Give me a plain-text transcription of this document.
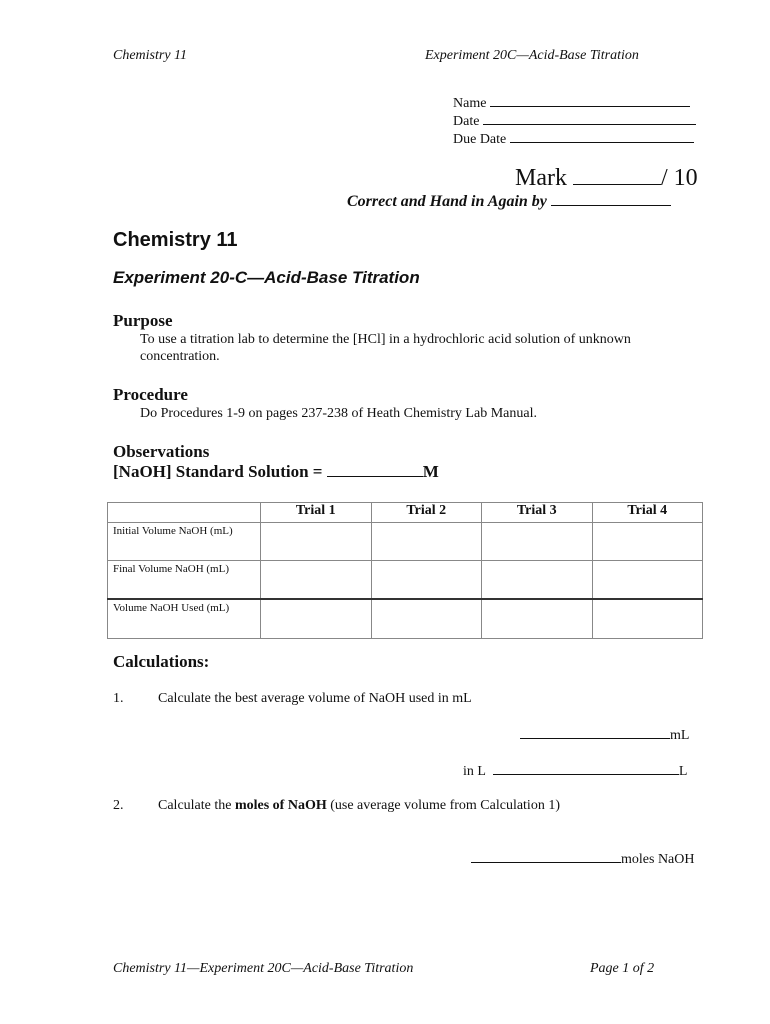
Chemistry 11	Experiment 20C—Acid-Base Titration
Name
Date
Due Date
Mark	/ 10
Correct and Hand in Again by
Chemistry 11
Experiment 20-C—Acid-Base Titration
Purpose
To use a titration lab to determine the [HCl] in a hydrochloric acid solution of unknown
concentration.
Procedure
Do Procedures 1-9 on pages 237-238 of Heath Chemistry Lab Manual.
Observations
[NaOH] Standard Solution =	M
	Trial 1	Trial 2	Trial 3	Trial 4
Initial Volume NaOH (mL)				
Final Volume NaOH (mL)				
Volume NaOH Used (mL)				
Calculations:
1. Calculate the best average volume of NaOH used in mL
mL
in L	L
2. Calculate the moles of NaOH (use average volume from Calculation 1)
moles NaOH
Chemistry 11—Experiment 20C—Acid-Base Titration	Page 1 of 2
